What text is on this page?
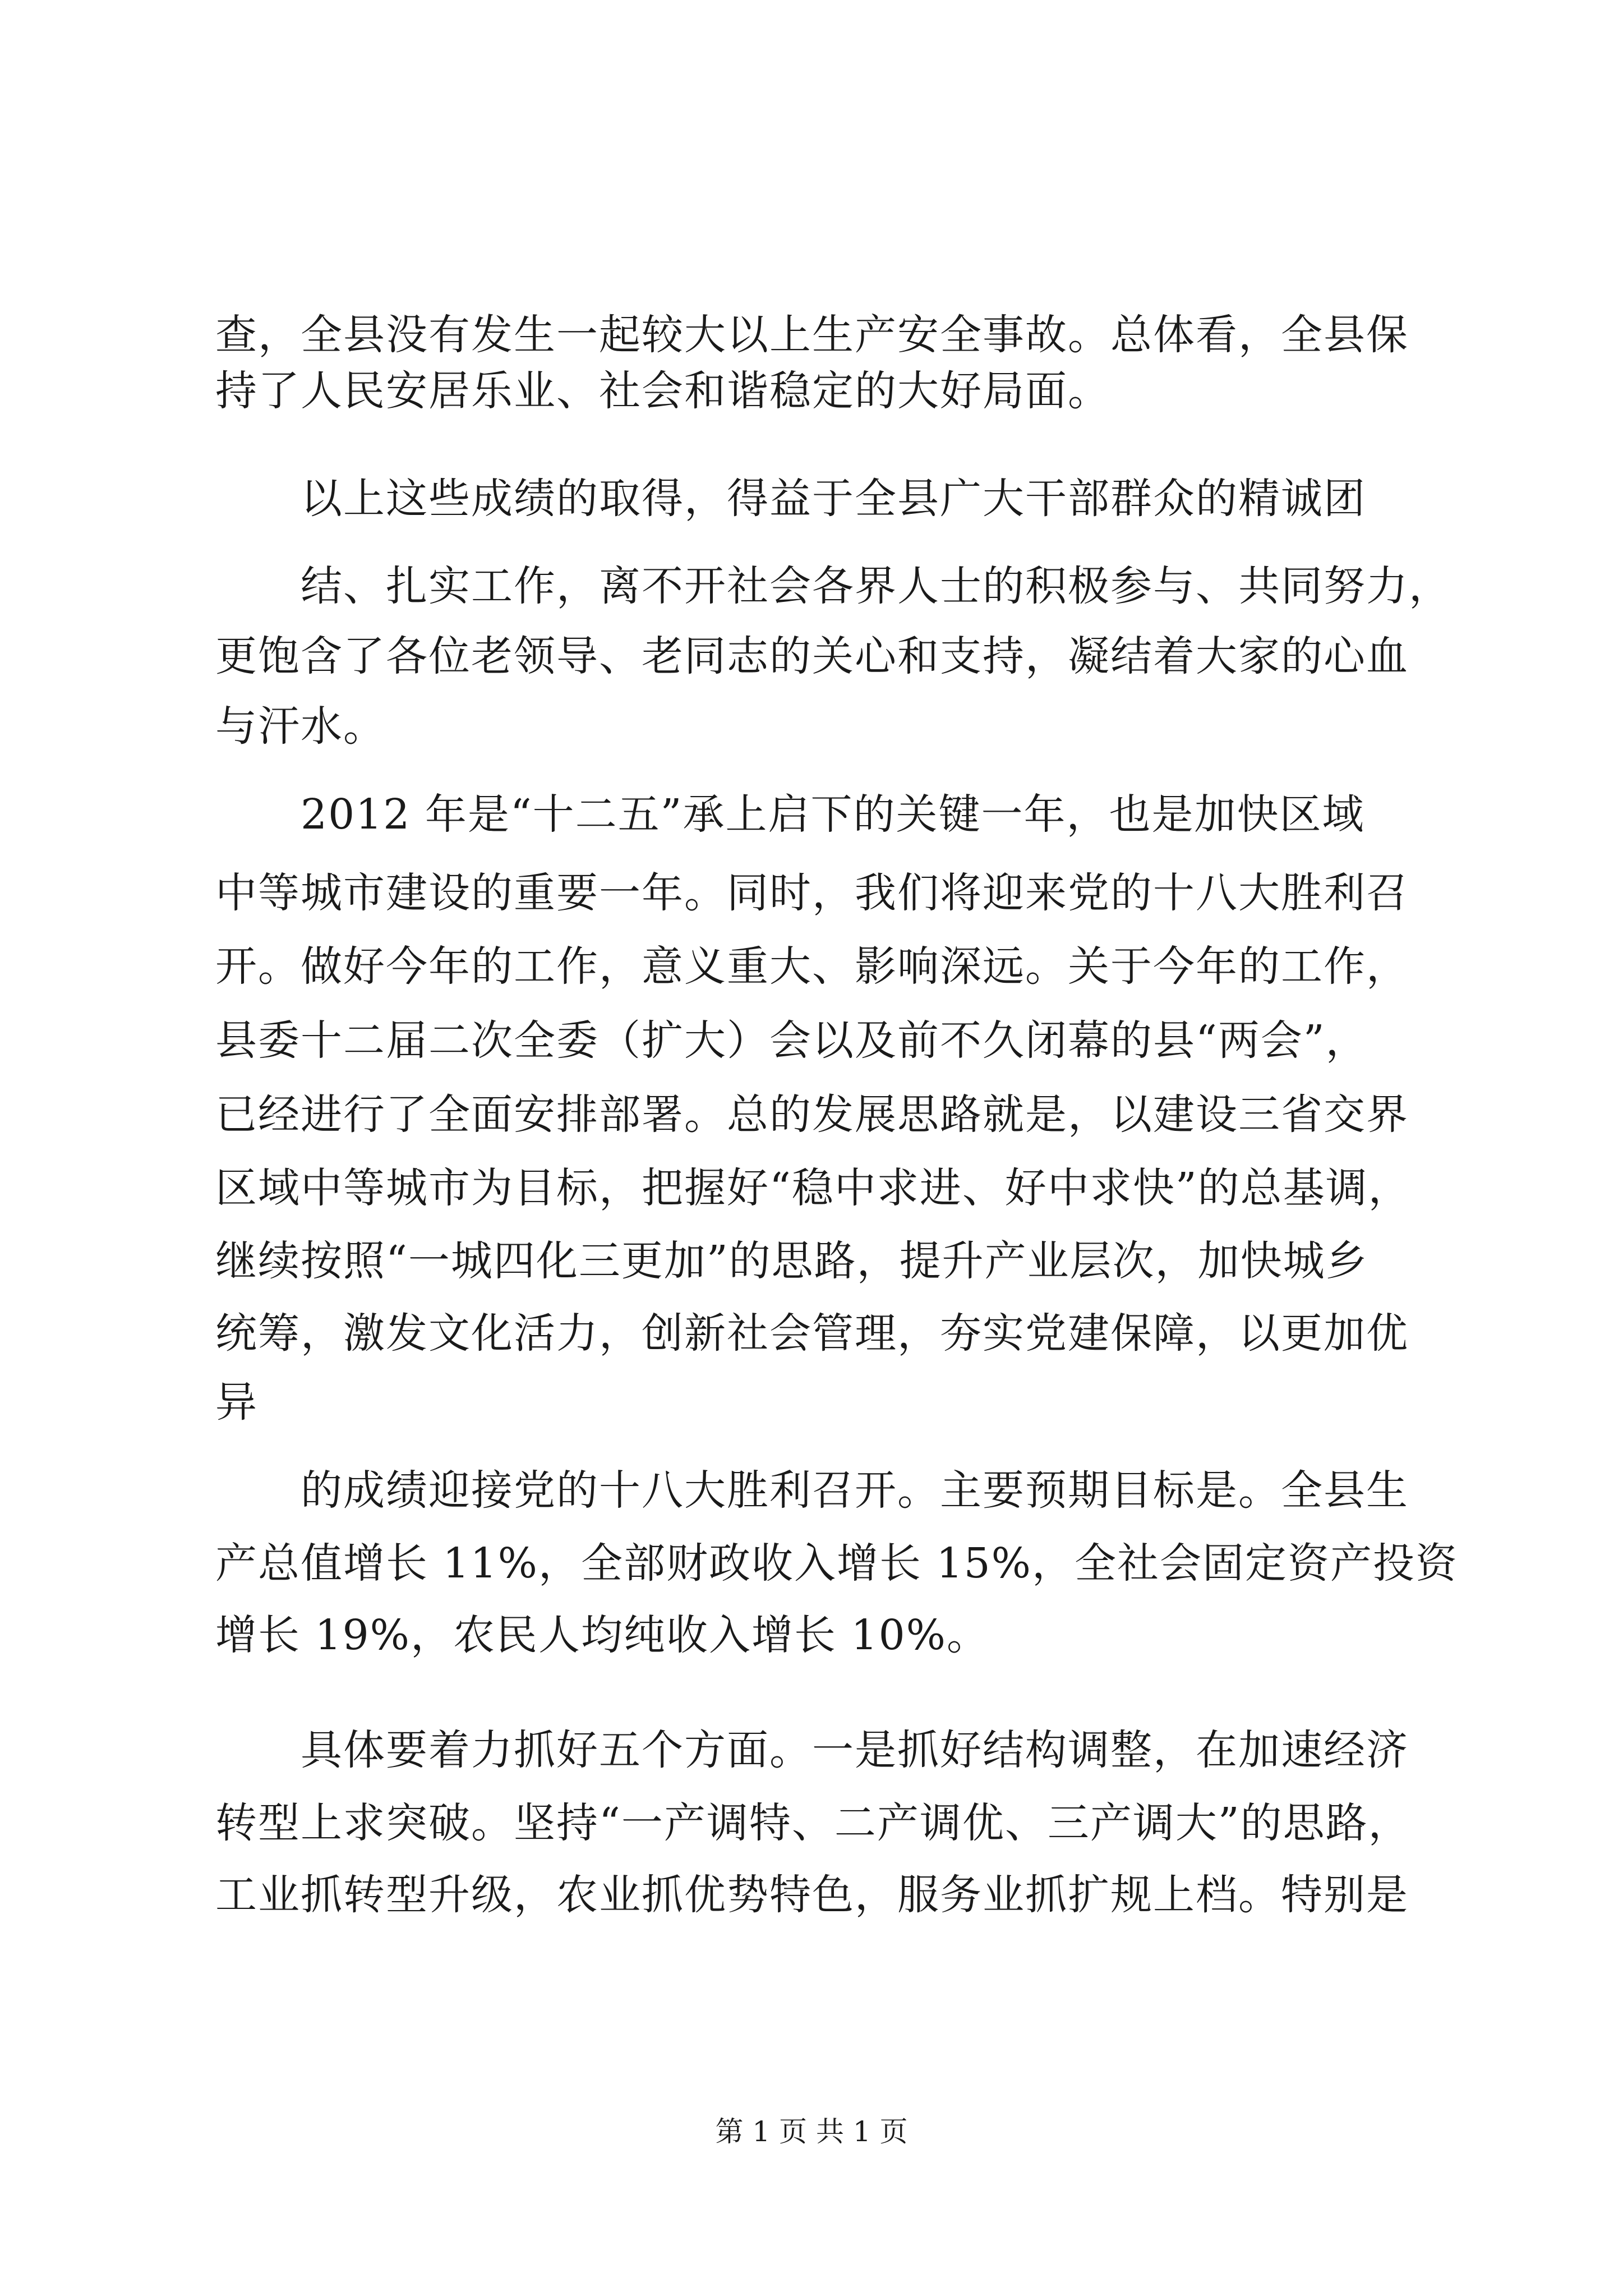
查，全县没有发生一起较大以上生产安全事故。总体看，全县保
持了人民安居乐业、社会和谐稳定的大好局面。
以上这些成绩的取得，得益于全县广大干部群众的精诚团
结、扎实工作，离不开社会各界人士的积极参与、共同努力，
更饱含了各位老领导、老同志的关心和支持，凝结着大家的心血
与汗水。
2012 年是“十二五”承上启下的关键一年，也是加快区域
中等城市建设的重要一年。同时，我们将迎来党的十八大胜利召
开。做好今年的工作，意义重大、影响深远。关于今年的工作，
县委十二届二次全委（扩大）会以及前不久闭幕的县“两会”，
已经进行了全面安排部署。总的发展思路就是，以建设三省交界
区域中等城市为目标，把握好“稳中求进、好中求快”的总基调，
继续按照“一城四化三更加”的思路，提升产业层次，加快城乡
统筹，激发文化活力，创新社会管理，夯实党建保障，以更加优
异
的成绩迎接党的十八大胜利召开。主要预期目标是。全县生
产总值增长 11%，全部财政收入增长 15%，全社会固定资产投资
增长 19%，农民人均纯收入增长 10%。
具体要着力抓好五个方面。一是抓好结构调整，在加速经济
转型上求突破。坚持“一产调特、二产调优、三产调大”的思路，
工业抓转型升级，农业抓优势特色，服务业抓扩规上档。特别是
第 1 页 共 1 页
